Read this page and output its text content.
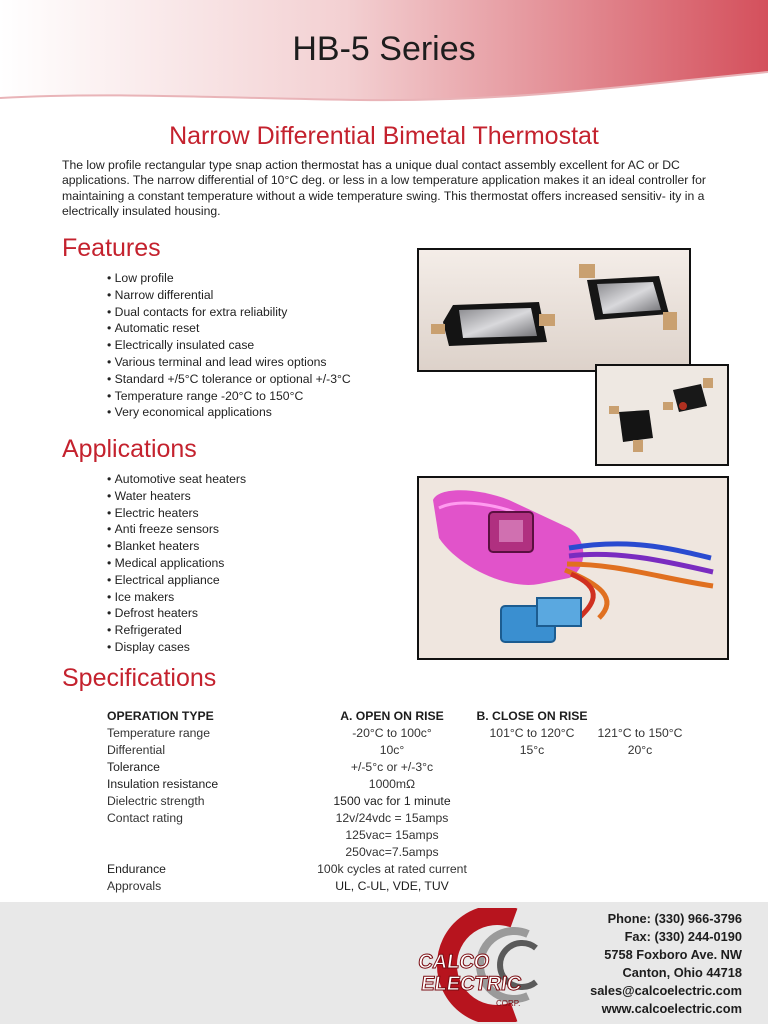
HB-5 Series
Narrow Differential Bimetal Thermostat
The low profile rectangular type snap action thermostat has a unique dual contact assembly excellent for AC or DC applications. The narrow differential of 10°C deg. or less in a low temperature application makes it an ideal controller for maintaining a constant temperature without a wide temperature swing. This thermostat offers increased sensitiv- ity in a electrically insulated housing.
Features
• Low profile
• Narrow differential
• Dual contacts for extra reliability
• Automatic reset
• Electrically insulated case
• Various terminal and lead wires options
• Standard +/5°C tolerance or optional +/-3°C
• Temperature range -20°C to 150°C
• Very economical applications
Applications
• Automotive seat heaters
• Water heaters
• Electric heaters
• Anti freeze sensors
• Blanket heaters
• Medical applications
• Electrical appliance
• Ice makers
• Defrost heaters
• Refrigerated
• Display cases
Specifications
OPERATION TYPE	A. OPEN ON RISE	B. CLOSE ON RISE
Temperature range	-20°C to 100c°	101°C to 120°C	121°C to 150°C
Differential	10c°	15°c	20°c
Tolerance	+/-5°c or +/-3°c
Insulation resistance	1000mΩ
Dielectric strength	1500 vac for 1 minute
Contact rating	12v/24vdc = 15amps
125vac= 15amps
250vac=7.5amps
Endurance	100k cycles at rated current
Approvals	UL, C-UL, VDE, TUV
CALCO
ELECTRIC
CORP.
Phone: (330) 966-3796
Fax: (330) 244-0190
5758 Foxboro Ave. NW
Canton, Ohio 44718
sales@calcoelectric.com
www.calcoelectric.com
